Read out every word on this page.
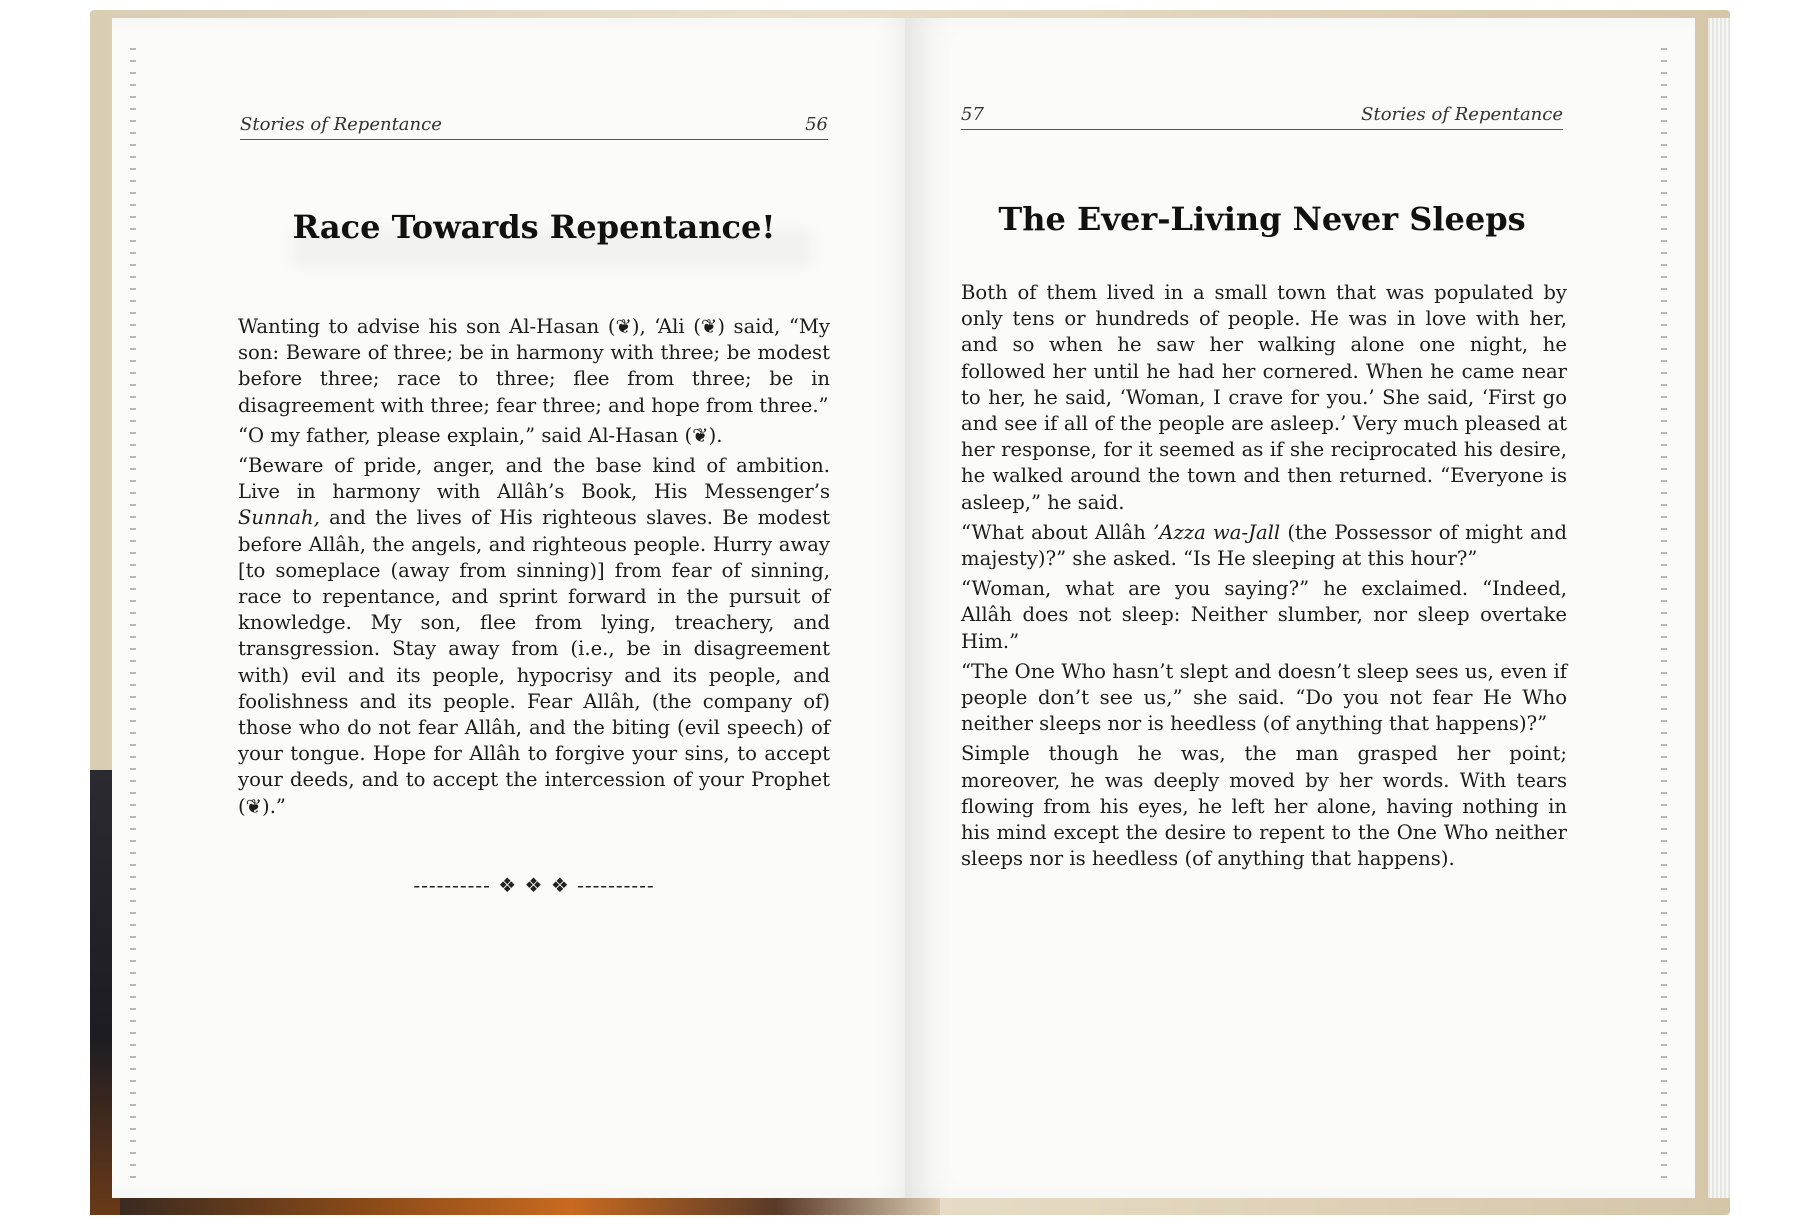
Stories of Repentance	56
Race Towards Repentance!

Wanting to advise his son Al-Hasan (❦), ‘Ali (❦) said, “My son: Beware of three; be in harmony with three; be modest before three; race to three; flee from three; be in disagreement with three; fear three; and hope from three.”

“O my father, please explain,” said Al-Hasan (❦).

“Beware of pride, anger, and the base kind of ambition. Live in harmony with Allâh’s Book, His Messenger’s Sunnah, and the lives of His righteous slaves. Be modest before Allâh, the angels, and righteous people. Hurry away [to someplace (away from sinning)] from fear of sinning, race to repentance, and sprint forward in the pursuit of knowledge. My son, flee from lying, treachery, and transgression. Stay away from (i.e., be in disagreement with) evil and its people, hypocrisy and its people, and foolishness and its people. Fear Allâh, (the company of) those who do not fear Allâh, and the biting (evil speech) of your tongue. Hope for Allâh to forgive your sins, to accept your deeds, and to accept the intercession of your Prophet (❦).”

---------- ❖ ❖ ❖ ----------
57	Stories of Repentance
The Ever-Living Never Sleeps

Both of them lived in a small town that was populated by only tens or hundreds of people. He was in love with her, and so when he saw her walking alone one night, he followed her until he had her cornered. When he came near to her, he said, ‘Woman, I crave for you.’ She said, ‘First go and see if all of the people are asleep.’ Very much pleased at her response, for it seemed as if she reciprocated his desire, he walked around the town and then returned. “Everyone is asleep,” he said.

“What about Allâh ’Azza wa-Jall (the Possessor of might and majesty)?” she asked. “Is He sleeping at this hour?”

“Woman, what are you saying?” he exclaimed. “Indeed, Allâh does not sleep: Neither slumber, nor sleep overtake Him.”

“The One Who hasn’t slept and doesn’t sleep sees us, even if people don’t see us,” she said. “Do you not fear He Who neither sleeps nor is heedless (of anything that happens)?”

Simple though he was, the man grasped her point; moreover, he was deeply moved by her words. With tears flowing from his eyes, he left her alone, having nothing in his mind except the desire to repent to the One Who neither sleeps nor is heedless (of anything that happens).
